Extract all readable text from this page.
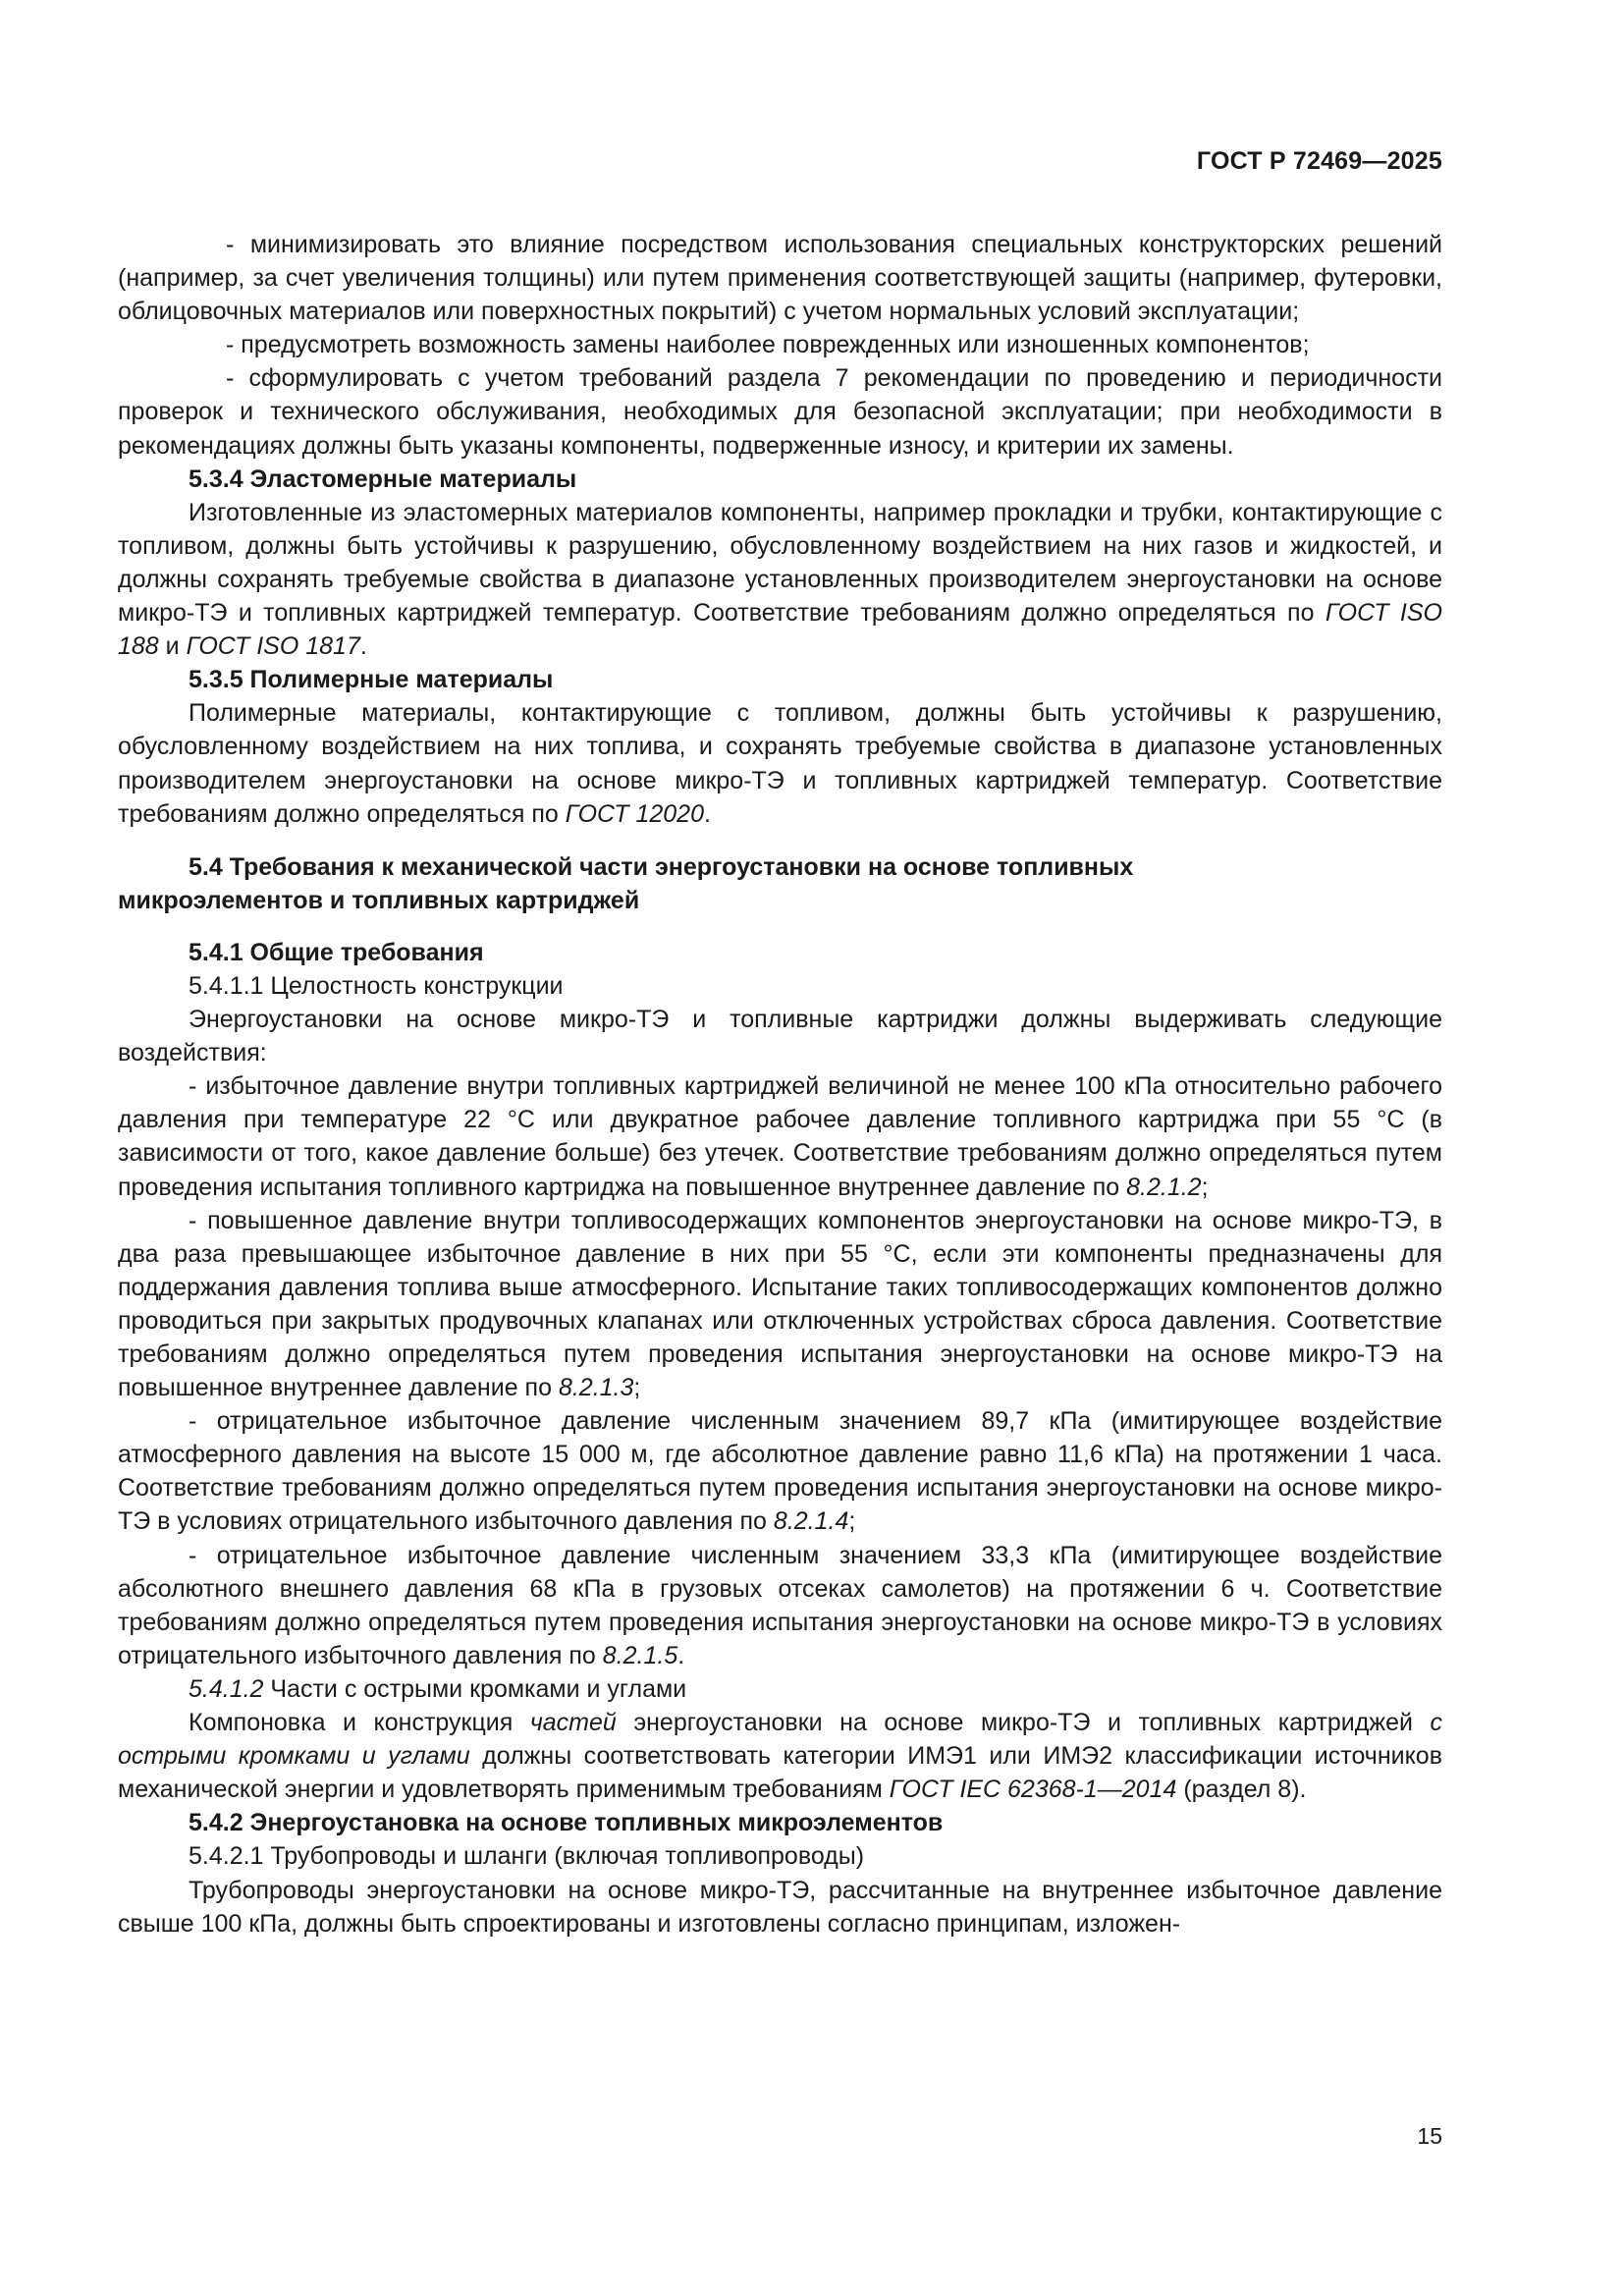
ГОСТ Р 72469—2025

- минимизировать это влияние посредством использования специальных конструкторских решений (например, за счет увеличения толщины) или путем применения соответствующей защиты (например, футеровки, облицовочных материалов или поверхностных покрытий) с учетом нормальных условий эксплуатации;

- предусмотреть возможность замены наиболее поврежденных или изношенных компонентов;

- сформулировать с учетом требований раздела 7 рекомендации по проведению и периодичности проверок и технического обслуживания, необходимых для безопасной эксплуатации; при необходимости в рекомендациях должны быть указаны компоненты, подверженные износу, и критерии их замены.

5.3.4 Эластомерные материалы

Изготовленные из эластомерных материалов компоненты, например прокладки и трубки, контактирующие с топливом, должны быть устойчивы к разрушению, обусловленному воздействием на них газов и жидкостей, и должны сохранять требуемые свойства в диапазоне установленных производителем энергоустановки на основе микро-ТЭ и топливных картриджей температур. Соответствие требованиям должно определяться по ГОСТ ISO 188 и ГОСТ ISO 1817.

5.3.5 Полимерные материалы

Полимерные материалы, контактирующие с топливом, должны быть устойчивы к разрушению, обусловленному воздействием на них топлива, и сохранять требуемые свойства в диапазоне установленных производителем энергоустановки на основе микро-ТЭ и топливных картриджей температур. Соответствие требованиям должно определяться по ГОСТ 12020.

5.4 Требования к механической части энергоустановки на основе топливных
микроэлементов и топливных картриджей

5.4.1 Общие требования

5.4.1.1 Целостность конструкции

Энергоустановки на основе микро-ТЭ и топливные картриджи должны выдерживать следующие воздействия:

- избыточное давление внутри топливных картриджей величиной не менее 100 кПа относительно рабочего давления при температуре 22 °С или двукратное рабочее давление топливного картриджа при 55 °С (в зависимости от того, какое давление больше) без утечек. Соответствие требованиям должно определяться путем проведения испытания топливного картриджа на повышенное внутреннее давление по 8.2.1.2;

- повышенное давление внутри топливосодержащих компонентов энергоустановки на основе микро-ТЭ, в два раза превышающее избыточное давление в них при 55 °С, если эти компоненты предназначены для поддержания давления топлива выше атмосферного. Испытание таких топливосодержащих компонентов должно проводиться при закрытых продувочных клапанах или отключенных устройствах сброса давления. Соответствие требованиям должно определяться путем проведения испытания энергоустановки на основе микро-ТЭ на повышенное внутреннее давление по 8.2.1.3;

- отрицательное избыточное давление численным значением 89,7 кПа (имитирующее воздействие атмосферного давления на высоте 15 000 м, где абсолютное давление равно 11,6 кПа) на протяжении 1 часа. Соответствие требованиям должно определяться путем проведения испытания энергоустановки на основе микро-ТЭ в условиях отрицательного избыточного давления по 8.2.1.4;

- отрицательное избыточное давление численным значением 33,3 кПа (имитирующее воздействие абсолютного внешнего давления 68 кПа в грузовых отсеках самолетов) на протяжении 6 ч. Соответствие требованиям должно определяться путем проведения испытания энергоустановки на основе микро-ТЭ в условиях отрицательного избыточного давления по 8.2.1.5.

5.4.1.2 Части с острыми кромками и углами

Компоновка и конструкция частей энергоустановки на основе микро-ТЭ и топливных картриджей с острыми кромками и углами должны соответствовать категории ИМЭ1 или ИМЭ2 классификации источников механической энергии и удовлетворять применимым требованиям ГОСТ IEC 62368-1—2014 (раздел 8).

5.4.2 Энергоустановка на основе топливных микроэлементов

5.4.2.1 Трубопроводы и шланги (включая топливопроводы)

Трубопроводы энергоустановки на основе микро-ТЭ, рассчитанные на внутреннее избыточное давление свыше 100 кПа, должны быть спроектированы и изготовлены согласно принципам, изложен-

15
